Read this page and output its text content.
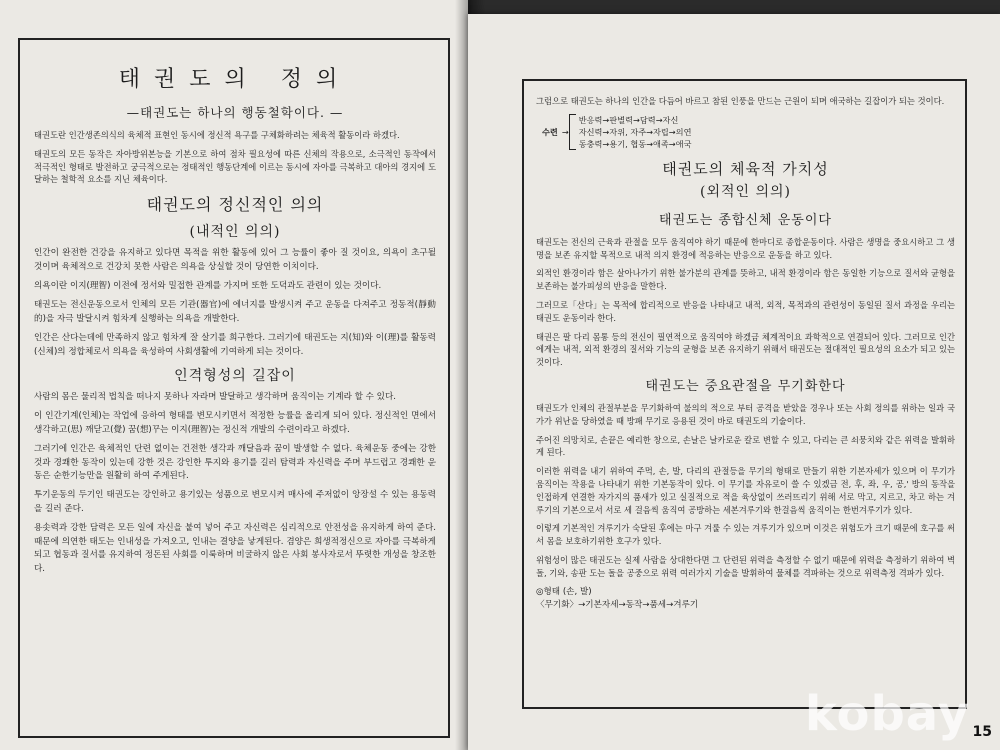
태권도의 정의
—태권도는 하나의 행동철학이다. —

태권도란 인간생존의식의 육체적 표현인 동시에 정신적 욕구를 구체화하려는 체육적 활동이라 하겠다.

태권도의 모든 동작은 자아방위본능을 기본으로 하여 점차 필요성에 따른 신체의 작용으로, 소극적인 동작에서 적극적인 형태로 발전하고 궁극적으로는 정태적인 행동단계에 이르는 동시에 자아를 극복하고 대아의 경지에 도달하는 철학적 요소를 지닌 체육이다.

태권도의 정신적인 의의
(내적인 의의)

인간이 완전한 건강을 유지하고 있다면 목적을 위한 활동에 있어 그 능률이 좋아 질 것이요, 의욕이 초구될 것이며 육체적으로 건강치 못한 사람은 의욕을 상실할 것이 당연한 이치이다.

의욕이란 이지(理智) 이전에 정서와 밀접한 관계를 가지며 또한 도덕과도 관련이 있는 것이다.

태권도는 전신운동으로서 인체의 모든 기관(器官)에 에너지를 발생시켜 주고 운동을 다져주고 정동적(靜動的)을 자극 발달시켜 힘차게 실행하는 의욕을 개발한다.

인간은 산다는데에 만족하지 않고 힘차게 잘 살기를 희구한다. 그러기에 태권도는 지(知)와 이(理)를 활동력(신체)의 정합체로서 의욕을 육성하여 사회생활에 기여하게 되는 것이다.

인격형성의 길잡이

사람의 몸은 물리적 법칙을 떠나지 못하나 자라며 발달하고 생각하며 움직이는 기계라 할 수 있다.

이 인간기계(인체)는 작업에 응하여 형태를 변모시키면서 적정한 능률을 올리게 되어 있다. 정신적인 면에서 생각하고(思) 깨닫고(覺) 꿈(想)꾸는 이지(理智)는 정신적 개발의 수련이라고 하겠다.

그러기에 인간은 육체적인 단련 없이는 건전한 생각과 깨달음과 꿈이 발생할 수 없다. 육체운동 중에는 강한 것과 경쾌한 동작이 있는데 강한 것은 강인한 투지와 용기를 길러 탐력과 자신력을 주며 부드럽고 경쾌한 운동은 순한기능만을 원활히 하여 주게된다.

투기운동의 두기인 태권도는 강인하고 용기있는 성품으로 변모시켜 매사에 주저없이 앙장설 수 있는 용동력을 길러 준다.

용솟력과 강한 담력은 모든 일에 자신을 붙여 넣어 주고 자신력은 심리적으로 안전성을 유지하게 하여 준다. 때문에 의연한 태도는 인내성을 가져오고, 인내는 결양을 낳게된다. 겸양은 희생적정신으로 자아를 극복하게 되고 협동과 질서를 유지하여 정돈된 사회를 이룩하며 비굴하지 않은 사회 봉사자로서 뚜렷한 개성을 창조한다.

그럼으로 태권도는 하나의 인간을 다듬어 바르고 참된 인풍을 만드는 근원이 되며 애국하는 길잡이가 되는 것이다.

수련 →
반응력→판별력→담력→자신
자신력→자위, 자주→자립→의연
동충력→용기, 협동→애족→애국
태권도의 체육적 가치성
(외적인 의의)
태권도는 종합신체 운동이다

태권도는 전신의 근육과 관절을 모두 움직여야 하기 때문에 한마디로 종합운동이다. 사람은 생명을 중요시하고 그 생명을 보존 유지할 목적으로 내적 의지 환경에 적응하는 반응으로 운동을 하고 있다.

외적인 환경이라 함은 살아나가기 위한 불가분의 관계를 뜻하고, 내적 환경이라 함은 동일한 기능으로 질서와 균형을 보존하는 불가피성의 반응을 말한다.

그러므로「산다」는 목적에 합리적으로 반응을 나타내고 내적, 외적, 목적과의 관련성이 동일된 질서 과정을 우리는 태권도 운동이라 한다.

태권은 팔 다리 몸통 등의 전신이 필연적으로 움직여야 하겠금 체계적이요 과학적으로 연결되어 있다. 그러므로 인간에게는 내적, 외적 환경의 질서와 기능의 균형을 보존 유지하기 위해서 태권도는 절대적인 필요성의 요소가 되고 있는 것이다.

태권도는 중요관절을 무기화한다

태권도가 인체의 관절부분을 무기화하여 불의의 적으로 부터 공격을 받았을 경우나 또는 사회 정의를 위하는 일과 국가가 위난을 당하였을 때 방패 무기로 응용된 것이 바로 태권도의 기술이다.

주어진 의망치로, 손끝은 예리한 창으로, 손날은 날카로운 칼로 변할 수 있고, 다리는 큰 쇠뭉치와 같은 위력을 발휘하게 된다.

이러한 위력을 내기 위하여 주먹, 손, 발, 다리의 관절등을 무기의 형태로 만들기 위한 기본자세가 있으며 이 무기가 움직이는 작용을 나타내기 위한 기본동작이 있다. 이 무기를 자유로이 쓸 수 있겠금 전, 후, 좌, 우, 공,' 방의 동작을 인접하게 연결한 자가지의 품새가 있고 실질적으로 적을 육상없이 쓰러뜨리기 위해 서로 막고, 지르고, 차고 하는 겨루기의 기본으로서 서로 세 걸음씩 움직여 공방하는 세본겨루기와 한걸음씩 움직이는 한번겨루기가 있다.

이렇게 기본적인 겨루기가 숙달된 후에는 마구 겨룰 수 있는 겨루기가 있으며 이것은 위험도가 크기 때문에 호구를 써서 몸을 보호하기위한 호구가 있다.

위험성이 많은 태권도는 실제 사람을 상대한다면 그 단련된 위력을 측정할 수 없기 때문에 위력을 측정하기 위하여 벽돌, 기와, 송판 도는 돌을 공중으로 위력 여러가지 기술을 발휘하여 물체를 격파하는 것으로 위력측정 격파가 있다.

◎형태 (손, 발)
〈무기화〉→기본자세→동작→품세→겨루기
15
kobay
